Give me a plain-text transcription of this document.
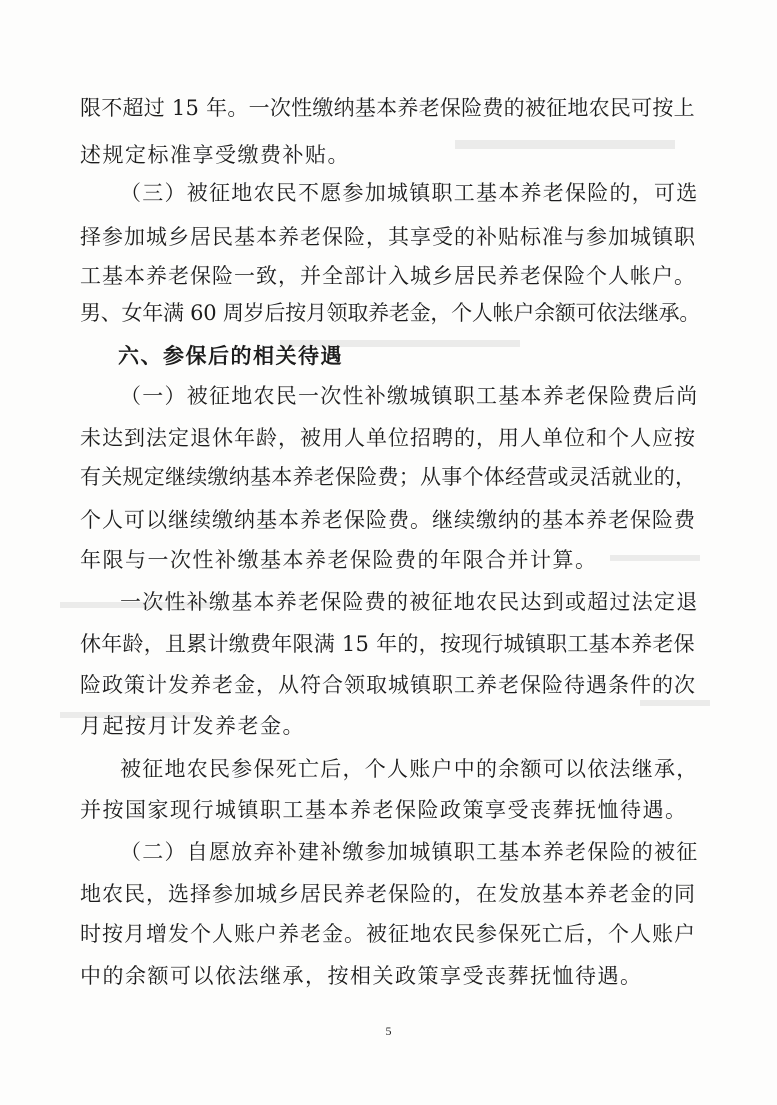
限不超过 15 年。一次性缴纳基本养老保险费的被征地农民可按上
述规定标准享受缴费补贴。
（三）被征地农民不愿参加城镇职工基本养老保险的，可选
择参加城乡居民基本养老保险，其享受的补贴标准与参加城镇职
工基本养老保险一致，并全部计入城乡居民养老保险个人帐户。
男、女年满 60 周岁后按月领取养老金，个人帐户余额可依法继承。
六、参保后的相关待遇
（一）被征地农民一次性补缴城镇职工基本养老保险费后尚
未达到法定退休年龄，被用人单位招聘的，用人单位和个人应按
有关规定继续缴纳基本养老保险费；从事个体经营或灵活就业的，
个人可以继续缴纳基本养老保险费。继续缴纳的基本养老保险费
年限与一次性补缴基本养老保险费的年限合并计算。
一次性补缴基本养老保险费的被征地农民达到或超过法定退
休年龄，且累计缴费年限满 15 年的，按现行城镇职工基本养老保
险政策计发养老金，从符合领取城镇职工养老保险待遇条件的次
月起按月计发养老金。
被征地农民参保死亡后，个人账户中的余额可以依法继承，
并按国家现行城镇职工基本养老保险政策享受丧葬抚恤待遇。
（二）自愿放弃补建补缴参加城镇职工基本养老保险的被征
地农民，选择参加城乡居民养老保险的，在发放基本养老金的同
时按月增发个人账户养老金。被征地农民参保死亡后，个人账户
中的余额可以依法继承，按相关政策享受丧葬抚恤待遇。
5
